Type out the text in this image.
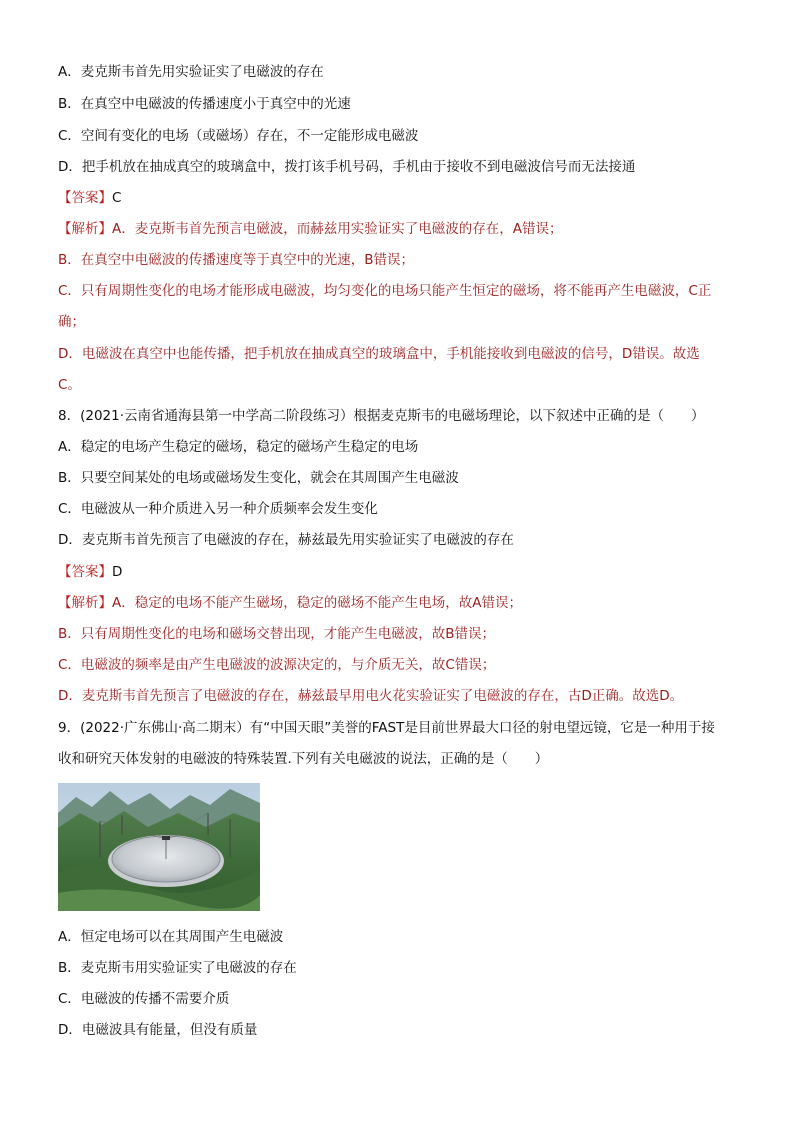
A．麦克斯韦首先用实验证实了电磁波的存在
B．在真空中电磁波的传播速度小于真空中的光速
C．空间有变化的电场（或磁场）存在，不一定能形成电磁波
D．把手机放在抽成真空的玻璃盒中，拨打该手机号码，手机由于接收不到电磁波信号而无法接通
【答案】C
【解析】A．麦克斯韦首先预言电磁波，而赫兹用实验证实了电磁波的存在，A错误；
B．在真空中电磁波的传播速度等于真空中的光速，B错误；
C．只有周期性变化的电场才能形成电磁波，均匀变化的电场只能产生恒定的磁场，将不能再产生电磁波，C正
确；
D．电磁波在真空中也能传播，把手机放在抽成真空的玻璃盒中，手机能接收到电磁波的信号，D错误。故选
C。
8．(2021·云南省通海县第一中学高二阶段练习）根据麦克斯韦的电磁场理论，以下叙述中正确的是（　　）
A．稳定的电场产生稳定的磁场，稳定的磁场产生稳定的电场
B．只要空间某处的电场或磁场发生变化，就会在其周围产生电磁波
C．电磁波从一种介质进入另一种介质频率会发生变化
D．麦克斯韦首先预言了电磁波的存在，赫兹最先用实验证实了电磁波的存在
【答案】D
【解析】A．稳定的电场不能产生磁场，稳定的磁场不能产生电场，故A错误；
B．只有周期性变化的电场和磁场交替出现，才能产生电磁波，故B错误；
C．电磁波的频率是由产生电磁波的波源决定的，与介质无关，故C错误；
D．麦克斯韦首先预言了电磁波的存在，赫兹最早用电火花实验证实了电磁波的存在，古D正确。故选D。
9．(2022·广东佛山·高二期末）有“中国天眼”美誉的FAST是目前世界最大口径的射电望远镜，它是一种用于接
收和研究天体发射的电磁波的特殊装置.下列有关电磁波的说法，正确的是（　　）
A．恒定电场可以在其周围产生电磁波
B．麦克斯韦用实验证实了电磁波的存在
C．电磁波的传播不需要介质
D．电磁波具有能量，但没有质量
